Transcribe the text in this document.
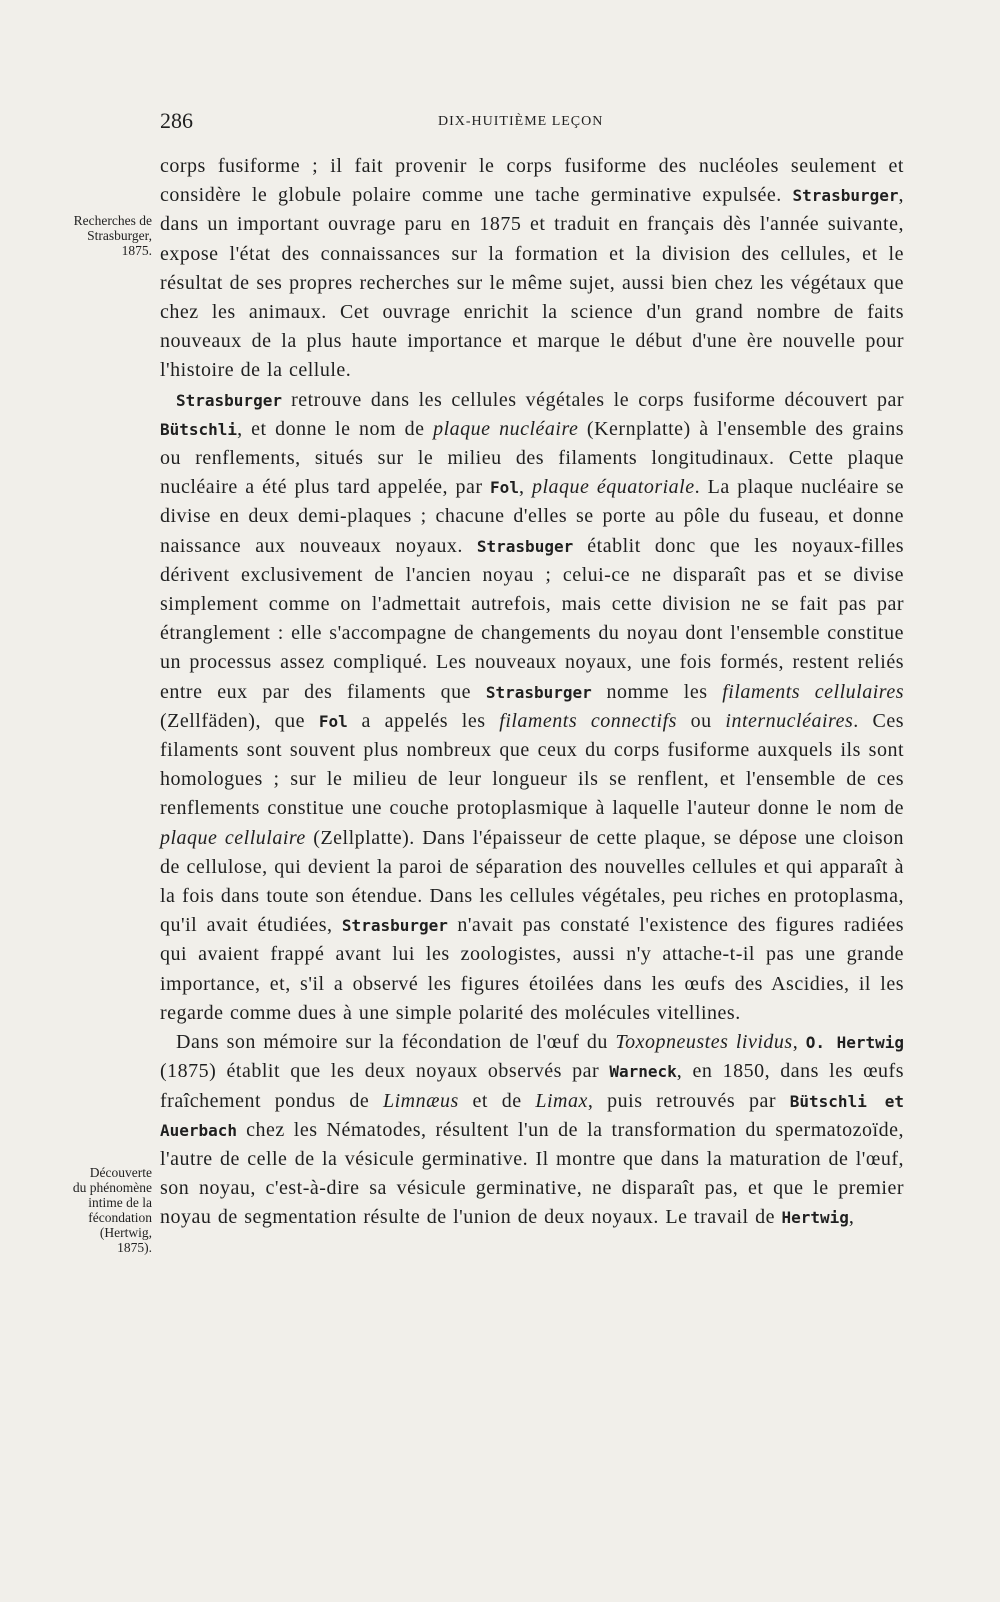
286	DIX-HUITIÈME LEÇON
Recherches de
Strasburger,
1875.
Découverte
du phénomène
intime de la
fécondation
(Hertwig,
1875).

corps fusiforme ; il fait provenir le corps fusiforme des nucléoles seulement et considère le globule polaire comme une tache germinative expulsée. Strasburger, dans un important ouvrage paru en 1875 et traduit en français dès l'année suivante, expose l'état des connaissances sur la formation et la division des cellules, et le résultat de ses propres recherches sur le même sujet, aussi bien chez les végétaux que chez les animaux. Cet ouvrage enrichit la science d'un grand nombre de faits nouveaux de la plus haute importance et marque le début d'une ère nouvelle pour l'histoire de la cellule.

Strasburger retrouve dans les cellules végétales le corps fusiforme découvert par Bütschli, et donne le nom de plaque nucléaire (Kernplatte) à l'ensemble des grains ou renflements, situés sur le milieu des filaments longitudinaux. Cette plaque nucléaire a été plus tard appelée, par Fol, plaque équatoriale. La plaque nucléaire se divise en deux demi-plaques ; chacune d'elles se porte au pôle du fuseau, et donne naissance aux nouveaux noyaux. Strasbuger établit donc que les noyaux-filles dérivent exclusivement de l'ancien noyau ; celui-ce ne disparaît pas et se divise simplement comme on l'admettait autrefois, mais cette division ne se fait pas par étranglement : elle s'accompagne de changements du noyau dont l'ensemble constitue un processus assez compliqué. Les nouveaux noyaux, une fois formés, restent reliés entre eux par des filaments que Strasburger nomme les filaments cellulaires (Zellfäden), que Fol a appelés les filaments connectifs ou internucléaires. Ces filaments sont souvent plus nombreux que ceux du corps fusiforme auxquels ils sont homologues ; sur le milieu de leur longueur ils se renflent, et l'ensemble de ces renflements constitue une couche protoplasmique à laquelle l'auteur donne le nom de plaque cellulaire (Zellplatte). Dans l'épaisseur de cette plaque, se dépose une cloison de cellulose, qui devient la paroi de séparation des nouvelles cellules et qui apparaît à la fois dans toute son étendue. Dans les cellules végétales, peu riches en protoplasma, qu'il avait étudiées, Strasburger n'avait pas constaté l'existence des figures radiées qui avaient frappé avant lui les zoologistes, aussi n'y attache-t-il pas une grande importance, et, s'il a observé les figures étoilées dans les œufs des Ascidies, il les regarde comme dues à une simple polarité des molécules vitellines.

Dans son mémoire sur la fécondation de l'œuf du Toxopneustes lividus, O. Hertwig (1875) établit que les deux noyaux observés par Warneck, en 1850, dans les œufs fraîchement pondus de Limnæus et de Limax, puis retrouvés par Bütschli et Auerbach chez les Nématodes, résultent l'un de la transformation du spermatozoïde, l'autre de celle de la vésicule germinative. Il montre que dans la maturation de l'œuf, son noyau, c'est-à-dire sa vésicule germinative, ne disparaît pas, et que le premier noyau de segmentation résulte de l'union de deux noyaux. Le travail de Hertwig,
